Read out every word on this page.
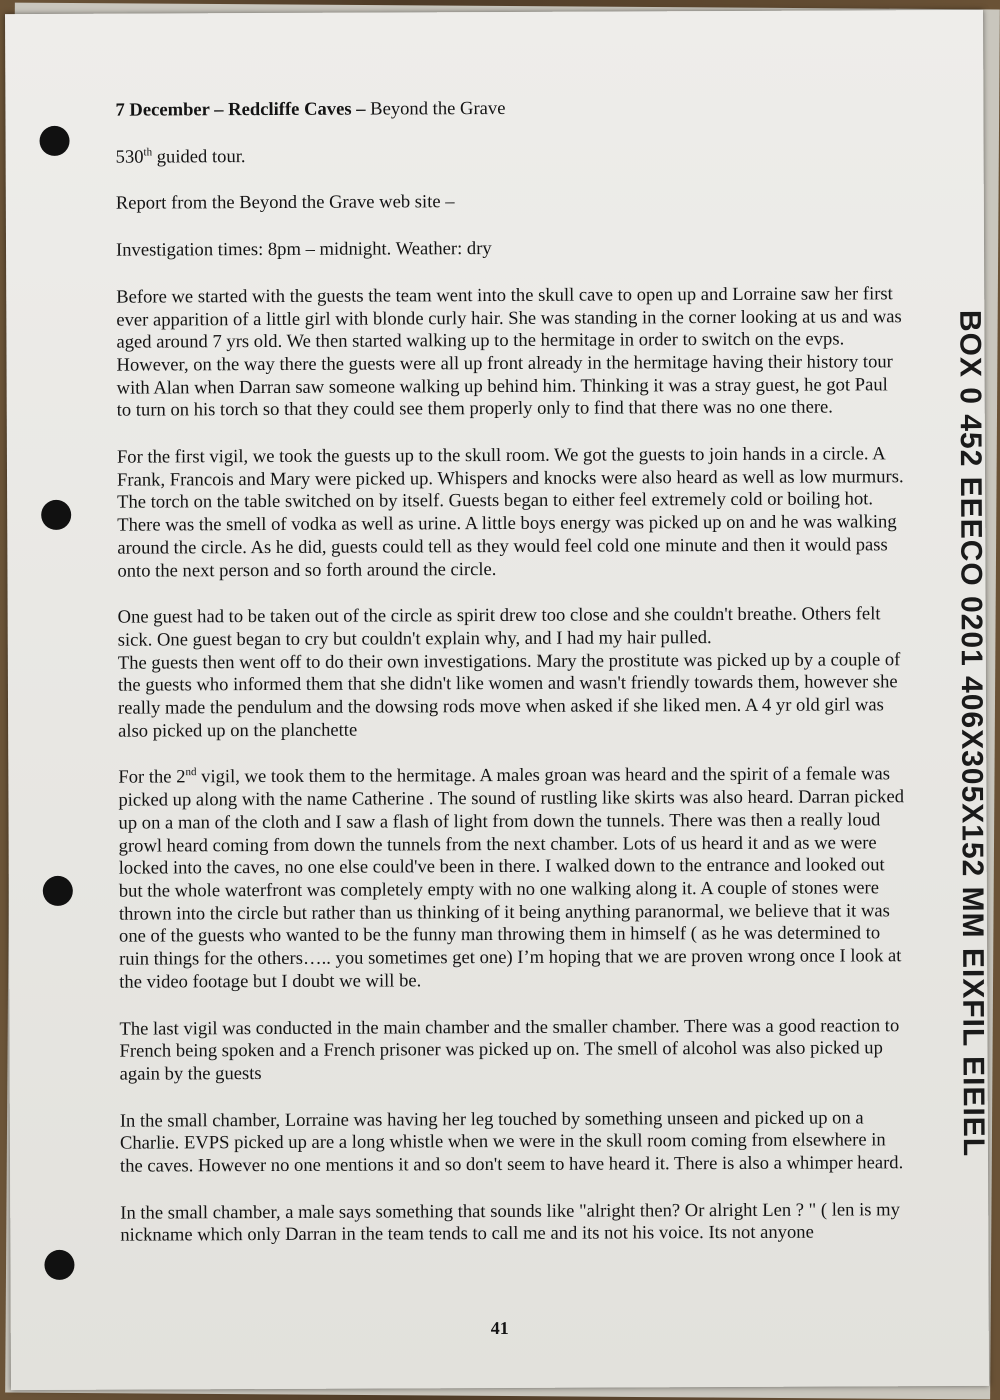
BOX 0 452 EEECO 0201 406X305X152 MM EIXFIL EIEIEL

7 December – Redcliffe Caves – Beyond the Grave

530th guided tour.

Report from the Beyond the Grave web site –

Investigation times: 8pm – midnight. Weather: dry

Before we started with the guests the team went into the skull cave to open up and Lorraine saw her first ever apparition of a little girl with blonde curly hair. She was standing in the corner looking at us and was aged around 7 yrs old. We then started walking up to the hermitage in order to switch on the evps. However, on the way there the guests were all up front already in the hermitage having their history tour with Alan when Darran saw someone walking up behind him. Thinking it was a stray guest, he got Paul to turn on his torch so that they could see them properly only to find that there was no one there.

For the first vigil, we took the guests up to the skull room. We got the guests to join hands in a circle. A Frank, Francois and Mary were picked up. Whispers and knocks were also heard as well as low murmurs. The torch on the table switched on by itself. Guests began to either feel extremely cold or boiling hot. There was the smell of vodka as well as urine. A little boys energy was picked up on and he was walking around the circle. As he did, guests could tell as they would feel cold one minute and then it would pass onto the next person and so forth around the circle.

One guest had to be taken out of the circle as spirit drew too close and she couldn't breathe. Others felt sick. One guest began to cry but couldn't explain why, and I had my hair pulled.

The guests then went off to do their own investigations. Mary the prostitute was picked up by a couple of the guests who informed them that she didn't like women and wasn't friendly towards them, however she really made the pendulum and the dowsing rods move when asked if she liked men. A 4 yr old girl was also picked up on the planchette

For the 2nd vigil, we took them to the hermitage. A males groan was heard and the spirit of a female was picked up along with the name Catherine . The sound of rustling like skirts was also heard. Darran picked up on a man of the cloth and I saw a flash of light from down the tunnels. There was then a really loud growl heard coming from down the tunnels from the next chamber. Lots of us heard it and as we were locked into the caves, no one else could've been in there. I walked down to the entrance and looked out but the whole waterfront was completely empty with no one walking along it. A couple of stones were thrown into the circle but rather than us thinking of it being anything paranormal, we believe that it was one of the guests who wanted to be the funny man throwing them in himself ( as he was determined to ruin things for the others….. you sometimes get one) I’m hoping that we are proven wrong once I look at the video footage but I doubt we will be.

The last vigil was conducted in the main chamber and the smaller chamber. There was a good reaction to French being spoken and a French prisoner was picked up on. The smell of alcohol was also picked up again by the guests

In the small chamber, Lorraine was having her leg touched by something unseen and picked up on a Charlie. EVPS picked up are a long whistle when we were in the skull room coming from elsewhere in the caves. However no one mentions it and so don't seem to have heard it. There is also a whimper heard.

In the small chamber, a male says something that sounds like "alright then? Or alright Len ? " ( len is my nickname which only Darran in the team tends to call me and its not his voice. Its not anyone

41
